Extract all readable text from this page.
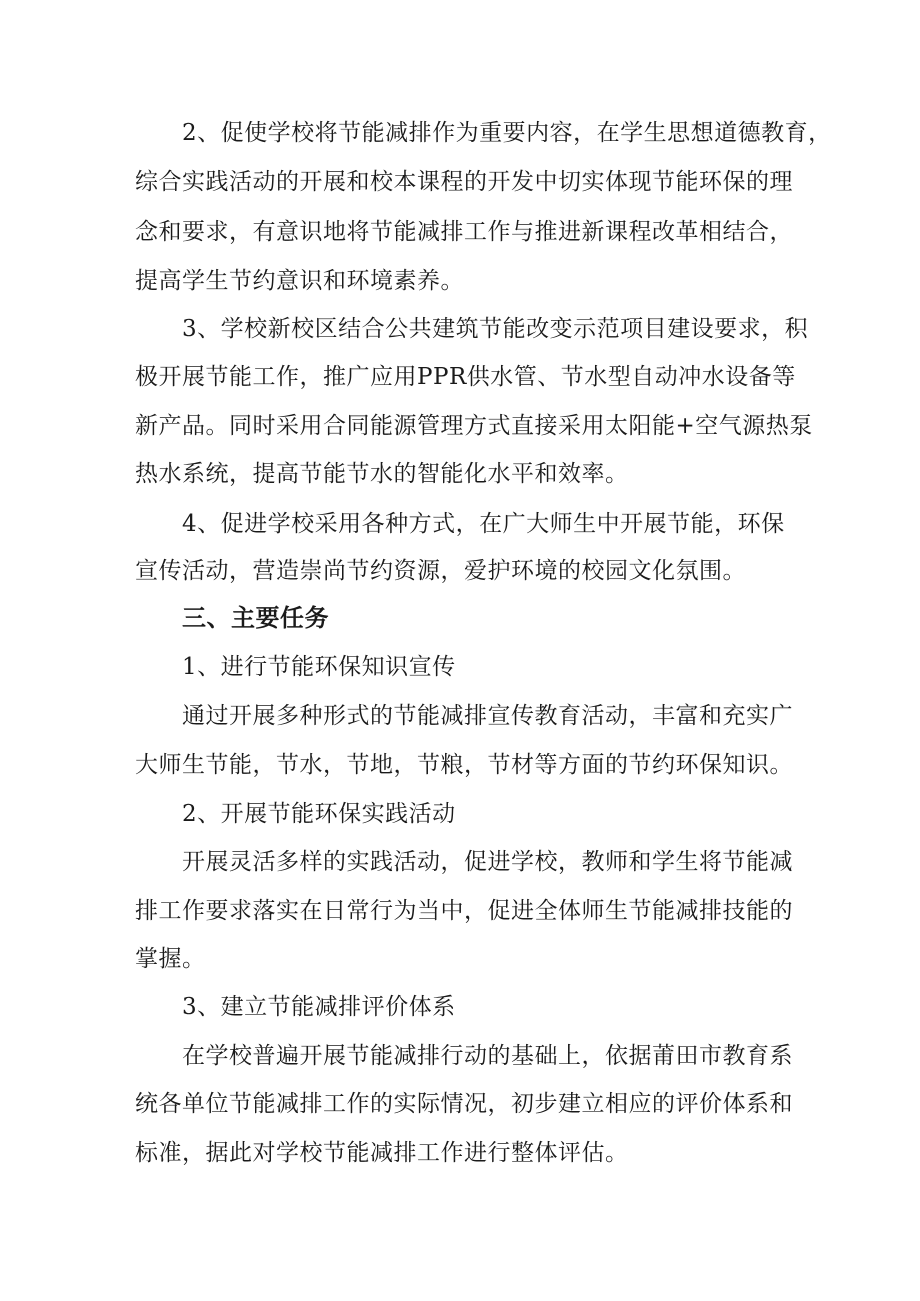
2、促使学校将节能减排作为重要内容，在学生思想道德教育，

综合实践活动的开展和校本课程的开发中切实体现节能环保的理

念和要求，有意识地将节能减排工作与推进新课程改革相结合，

提高学生节约意识和环境素养。

3、学校新校区结合公共建筑节能改变示范项目建设要求，积

极开展节能工作，推广应用PPR供水管、节水型自动冲水设备等

新产品。同时采用合同能源管理方式直接采用太阳能+空气源热泵

热水系统，提高节能节水的智能化水平和效率。

4、促进学校采用各种方式，在广大师生中开展节能，环保

宣传活动，营造崇尚节约资源，爱护环境的校园文化氛围。

三、主要任务

1、进行节能环保知识宣传

通过开展多种形式的节能减排宣传教育活动，丰富和充实广

大师生节能，节水，节地，节粮，节材等方面的节约环保知识。

2、开展节能环保实践活动

开展灵活多样的实践活动，促进学校，教师和学生将节能减

排工作要求落实在日常行为当中，促进全体师生节能减排技能的

掌握。

3、建立节能减排评价体系

在学校普遍开展节能减排行动的基础上，依据莆田市教育系

统各单位节能减排工作的实际情况，初步建立相应的评价体系和

标准，据此对学校节能减排工作进行整体评估。
